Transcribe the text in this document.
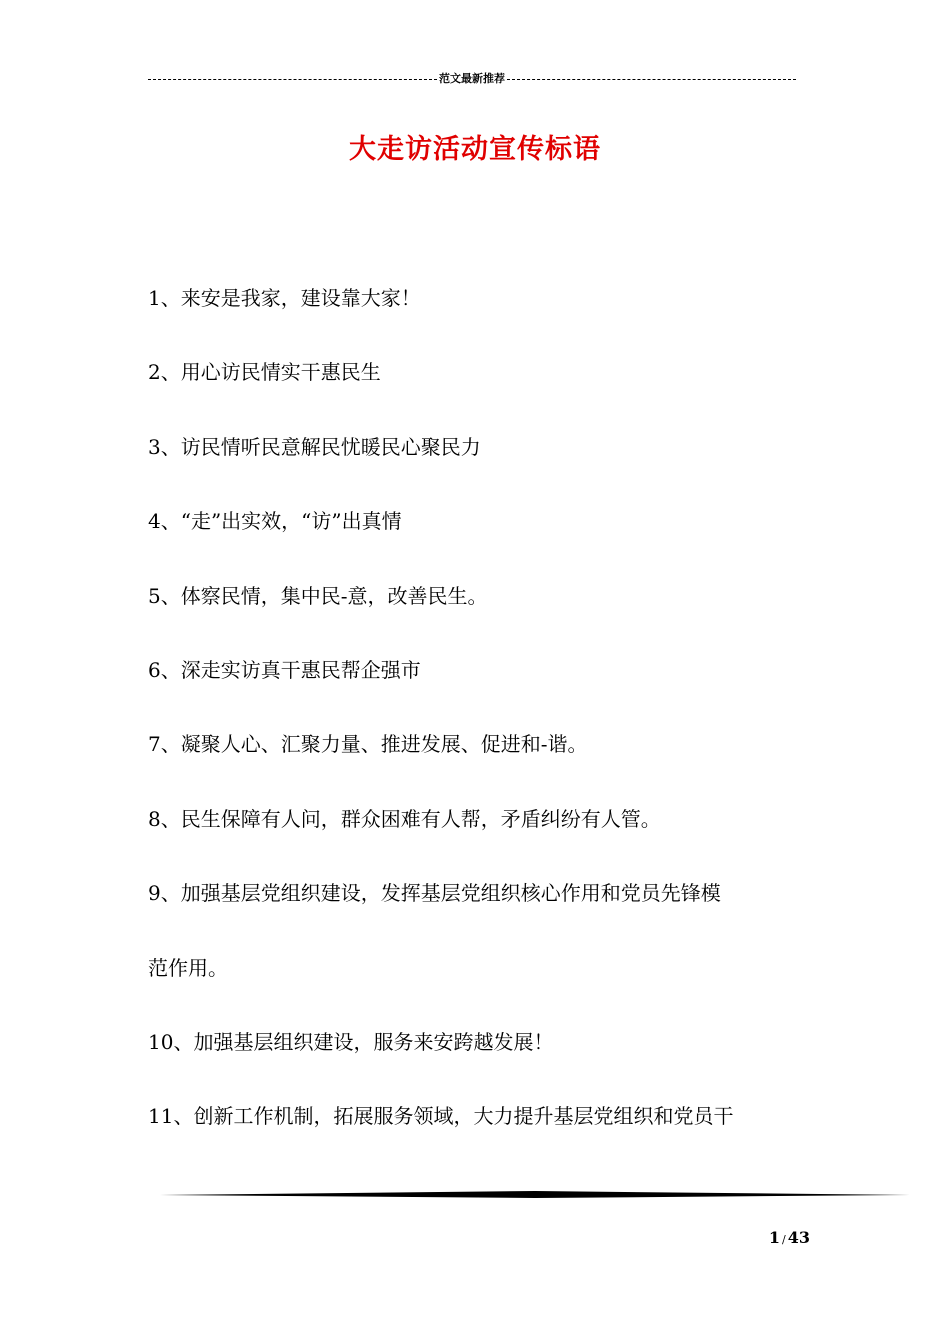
范文最新推荐
大走访活动宣传标语
1、来安是我家，建设靠大家！
2、用心访民情实干惠民生
3、访民情听民意解民忧暖民心聚民力
4、“走”出实效，“访”出真情
5、体察民情，集中民-意，改善民生。
6、深走实访真干惠民帮企强市
7、凝聚人心、汇聚力量、推进发展、促进和-谐。
8、民生保障有人问，群众困难有人帮，矛盾纠纷有人管。
9、加强基层党组织建设，发挥基层党组织核心作用和党员先锋模
范作用。
10、加强基层组织建设，服务来安跨越发展！
11、创新工作机制，拓展服务领域，大力提升基层党组织和党员干
1 / 43
